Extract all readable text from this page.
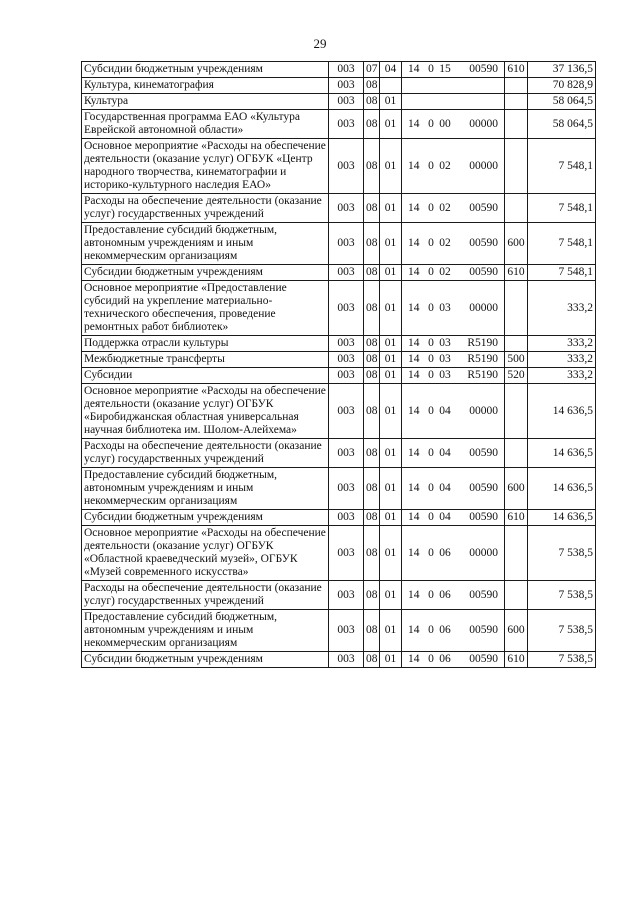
29
Субсидии бюджетным учреждениям	003	07	04	14 0 15 00590	610	37 136,5
Культура, кинематография	003	08				70 828,9
Культура	003	08	01			58 064,5
Государственная программа ЕАО «Культура Еврейской автономной области»	003	08	01	14 0 00 00000		58 064,5
Основное мероприятие «Расходы на обеспечение деятельности (оказание услуг) ОГБУК «Центр народного творчества, кинематографии и историко-культурного наследия ЕАО»	003	08	01	14 0 02 00000		7 548,1
Расходы на обеспечение деятельности (оказание услуг) государственных учреждений	003	08	01	14 0 02 00590		7 548,1
Предоставление субсидий бюджетным, автономным учреждениям и иным некоммерческим организациям	003	08	01	14 0 02 00590	600	7 548,1
Субсидии бюджетным учреждениям	003	08	01	14 0 02 00590	610	7 548,1
Основное мероприятие «Предоставление субсидий на укрепление материально-технического обеспечения, проведение ремонтных работ библиотек»	003	08	01	14 0 03 00000		333,2
Поддержка отрасли культуры	003	08	01	14 0 03 R5190		333,2
Межбюджетные трансферты	003	08	01	14 0 03 R5190	500	333,2
Субсидии	003	08	01	14 0 03 R5190	520	333,2
Основное мероприятие «Расходы на обеспечение деятельности (оказание услуг) ОГБУК «Биробиджанская областная универсальная научная библиотека им. Шолом-Алейхема»	003	08	01	14 0 04 00000		14 636,5
Расходы на обеспечение деятельности (оказание услуг) государственных учреждений	003	08	01	14 0 04 00590		14 636,5
Предоставление субсидий бюджетным, автономным учреждениям и иным некоммерческим организациям	003	08	01	14 0 04 00590	600	14 636,5
Субсидии бюджетным учреждениям	003	08	01	14 0 04 00590	610	14 636,5
Основное мероприятие «Расходы на обеспечение деятельности (оказание услуг) ОГБУК «Областной краеведческий музей», ОГБУК «Музей современного искусства»	003	08	01	14 0 06 00000		7 538,5
Расходы на обеспечение деятельности (оказание услуг) государственных учреждений	003	08	01	14 0 06 00590		7 538,5
Предоставление субсидий бюджетным, автономным учреждениям и иным некоммерческим организациям	003	08	01	14 0 06 00590	600	7 538,5
Субсидии бюджетным учреждениям	003	08	01	14 0 06 00590	610	7 538,5
